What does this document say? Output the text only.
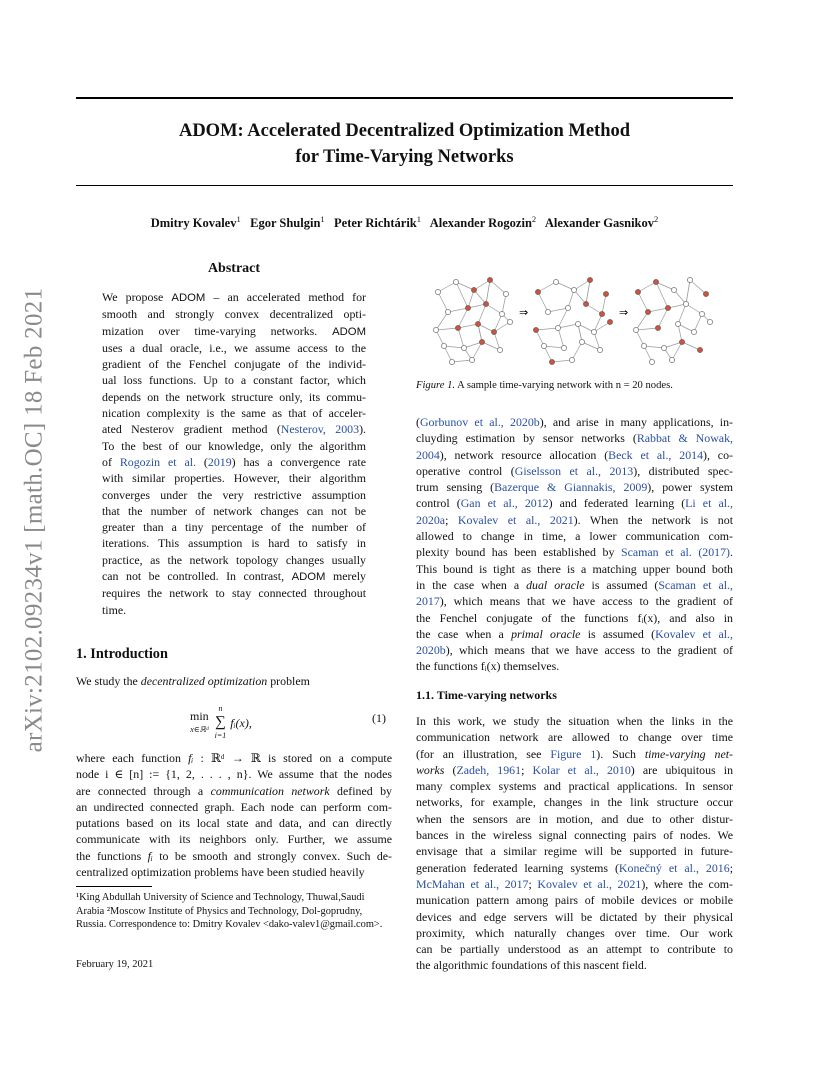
arXiv:2102.09234v1 [math.OC] 18 Feb 2021
ADOM: Accelerated Decentralized Optimization Method
for Time-Varying Networks
Dmitry Kovalev$^1$ Egor Shulgin$^1$ Peter Richtárik$^1$ Alexander Rogozin$^2$ Alexander Gasnikov$^2$
Abstract
We propose ADOM – an accelerated method for
smooth and strongly convex decentralized opti-
mization over time-varying networks. ADOM
uses a dual oracle, i.e., we assume access to the
gradient of the Fenchel conjugate of the individ-
ual loss functions. Up to a constant factor, which
depends on the network structure only, its commu-
nication complexity is the same as that of acceler-
ated Nesterov gradient method (Nesterov, 2003).
To the best of our knowledge, only the algorithm
of Rogozin et al. (2019) has a convergence rate
with similar properties. However, their algorithm
converges under the very restrictive assumption
that the number of network changes can not be
greater than a tiny percentage of the number of
iterations. This assumption is hard to satisfy in
practice, as the network topology changes usually
can not be controlled. In contrast, ADOM merely
requires the network to stay connected throughout
time.
1. Introduction
We study the decentralized optimization problem
min
x∈ℝᵈ

n
∑
i=1
	fᵢ(x),	(1)
where each function fᵢ : ℝᵈ → ℝ is stored on a compute
node i ∈ [n] := {1, 2, . . . , n}. We assume that the nodes
are connected through a communication network defined by
an undirected connected graph. Each node can perform com-
putations based on its local state and data, and can directly
communicate with its neighbors only. Further, we assume
the functions fᵢ to be smooth and strongly convex. Such de-
centralized optimization problems have been studied heavily
¹King Abdullah University of Science and Technology, Thuwal,Saudi Arabia ²Moscow Institute of Physics and Technology, Dol-goprudny, Russia. Correspondence to: Dmitry Kovalev <dako-valev1@gmail.com>.
February 19, 2021
⇒	⇒
Figure 1. A sample time-varying network with n = 20 nodes.
(Gorbunov et al., 2020b), and arise in many applications, in-
cluyding estimation by sensor networks (Rabbat & Nowak,
2004), network resource allocation (Beck et al., 2014), co-
operative control (Giselsson et al., 2013), distributed spec-
trum sensing (Bazerque & Giannakis, 2009), power system
control (Gan et al., 2012) and federated learning (Li et al.,
2020a; Kovalev et al., 2021). When the network is not
allowed to change in time, a lower communication com-
plexity bound has been established by Scaman et al. (2017).
This bound is tight as there is a matching upper bound both
in the case when a dual oracle is assumed (Scaman et al.,
2017), which means that we have access to the gradient of
the Fenchel conjugate of the functions fᵢ(x), and also in
the case when a primal oracle is assumed (Kovalev et al.,
2020b), which means that we have access to the gradient of
the functions fᵢ(x) themselves.
1.1. Time-varying networks
In this work, we study the situation when the links in the
communication network are allowed to change over time
(for an illustration, see Figure 1). Such time-varying net-
works (Zadeh, 1961; Kolar et al., 2010) are ubiquitous in
many complex systems and practical applications. In sensor
networks, for example, changes in the link structure occur
when the sensors are in motion, and due to other distur-
bances in the wireless signal connecting pairs of nodes. We
envisage that a similar regime will be supported in future-
generation federated learning systems (Konečný et al., 2016;
McMahan et al., 2017; Kovalev et al., 2021), where the com-
munication pattern among pairs of mobile devices or mobile
devices and edge servers will be dictated by their physical
proximity, which naturally changes over time. Our work
can be partially understood as an attempt to contribute to
the algorithmic foundations of this nascent field.
